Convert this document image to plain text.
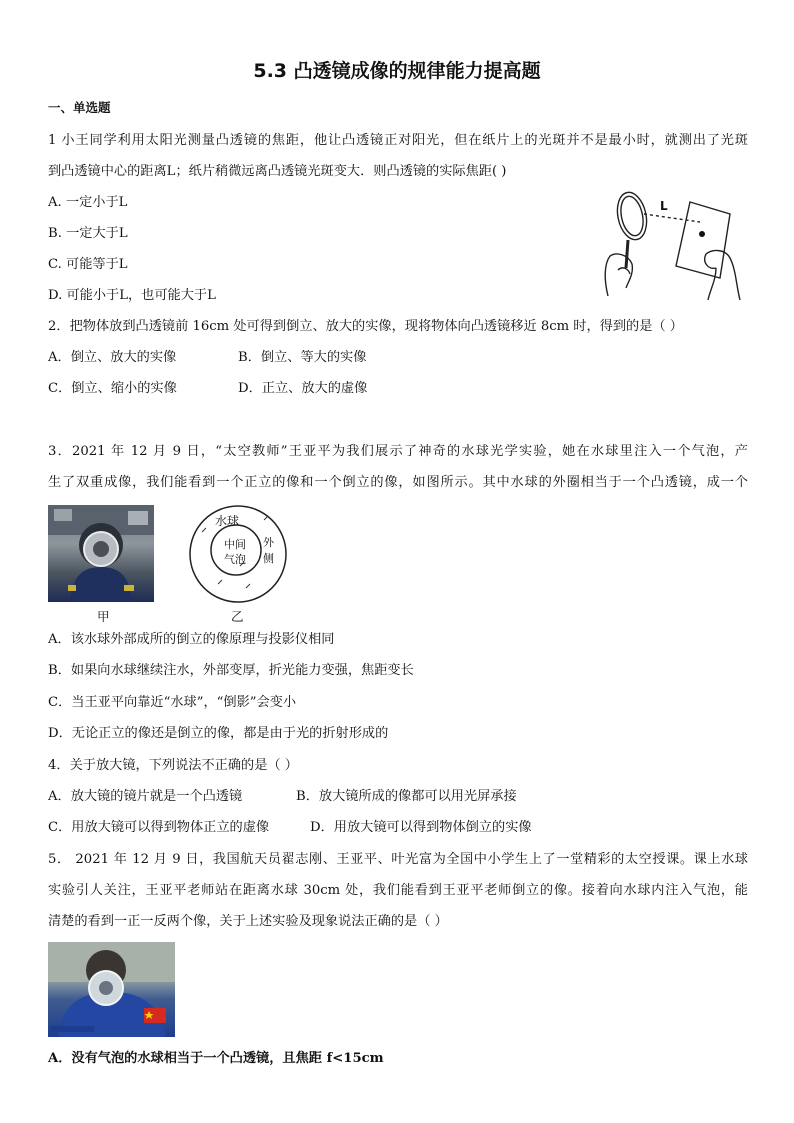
5.3 凸透镜成像的规律能力提高题
一、单选题
1 小王同学利用太阳光测量凸透镜的焦距，他让凸透镜正对阳光，但在纸片上的光斑并不是最小时，就测出了光斑
到凸透镜中心的距离L；纸片稍微远离凸透镜光斑变大．则凸透镜的实际焦距( )
A. 一定小于L
B. 一定大于L
C. 可能等于L
D. 可能小于L，也可能大于L
L
2．把物体放到凸透镜前 16cm 处可得到倒立、放大的实像，现将物体向凸透镜移近 8cm 时，得到的是（ ）
A．倒立、放大的实像	B．倒立、等大的实像
C．倒立、缩小的实像	D．正立、放大的虚像
3．2021 年 12 月 9 日，“太空教师”王亚平为我们展示了神奇的水球光学实验，她在水球里注入一个气泡，产
生了双重成像，我们能看到一个正立的像和一个倒立的像，如图所示。其中水球的外圈相当于一个凸透镜，成一个
甲
水球
中间
气泡
外
侧
乙
A．该水球外部成所的倒立的像原理与投影仪相同
B．如果向水球继续注水，外部变厚，折光能力变强，焦距变长
C．当王亚平向靠近“水球”，“倒影”会变小
D．无论正立的像还是倒立的像，都是由于光的折射形成的
4．关于放大镜，下列说法不正确的是（ ）
A．放大镜的镜片就是一个凸透镜	B．放大镜所成的像都可以用光屏承接
C．用放大镜可以得到物体正立的虚像	D．用放大镜可以得到物体倒立的实像
5． 2021 年 12 月 9 日，我国航天员翟志刚、王亚平、叶光富为全国中小学生上了一堂精彩的太空授课。课上水球
实验引人关注，王亚平老师站在距离水球 30cm 处，我们能看到王亚平老师倒立的像。接着向水球内注入气泡，能
清楚的看到一正一反两个像，关于上述实验及现象说法正确的是（ ）
A．没有气泡的水球相当于一个凸透镜，且焦距 f<15cm
